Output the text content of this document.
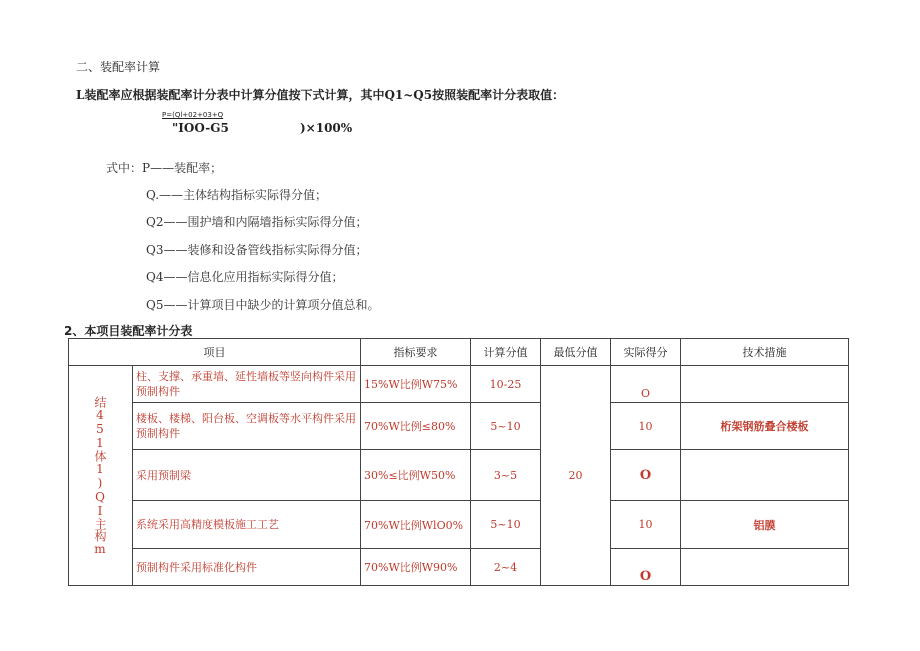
二、装配率计算
L装配率应根据装配率计分表中计算分值按下式计算，其中Q1~Q5按照装配率计分表取值：
P=(Ql+02+03+Q
"IOO-G5	)×100%
式中：P——装配率；
Q.——主体结构指标实际得分值；
Q2——围护墙和内隔墙指标实际得分值；
Q3——装修和设备管线指标实际得分值；
Q4——信息化应用指标实际得分值；
Q5——计算项目中缺少的计算项分值总和。
2、本项目装配率计分表
项目		指标要求	计算分值	最低分值	实际得分	技术措施

结451体1)QI主构m	柱、支撑、承重墙、延性墙板等竖向构件采用预制构件	15%W比例W75%	10-25	20	O	
	楼板、楼梯、阳台板、空调板等水平构件采用预制构件	70%W比例≤80%	5~10		10	桁架钢筋叠合楼板
	采用预制梁	30%≤比例W50%	3~5		O	
	系统采用高精度模板施工工艺	70%W比例WlO0%	5~10		10	铝膜
	预制构件采用标准化构件	70%W比例W90%	2~4		O	
